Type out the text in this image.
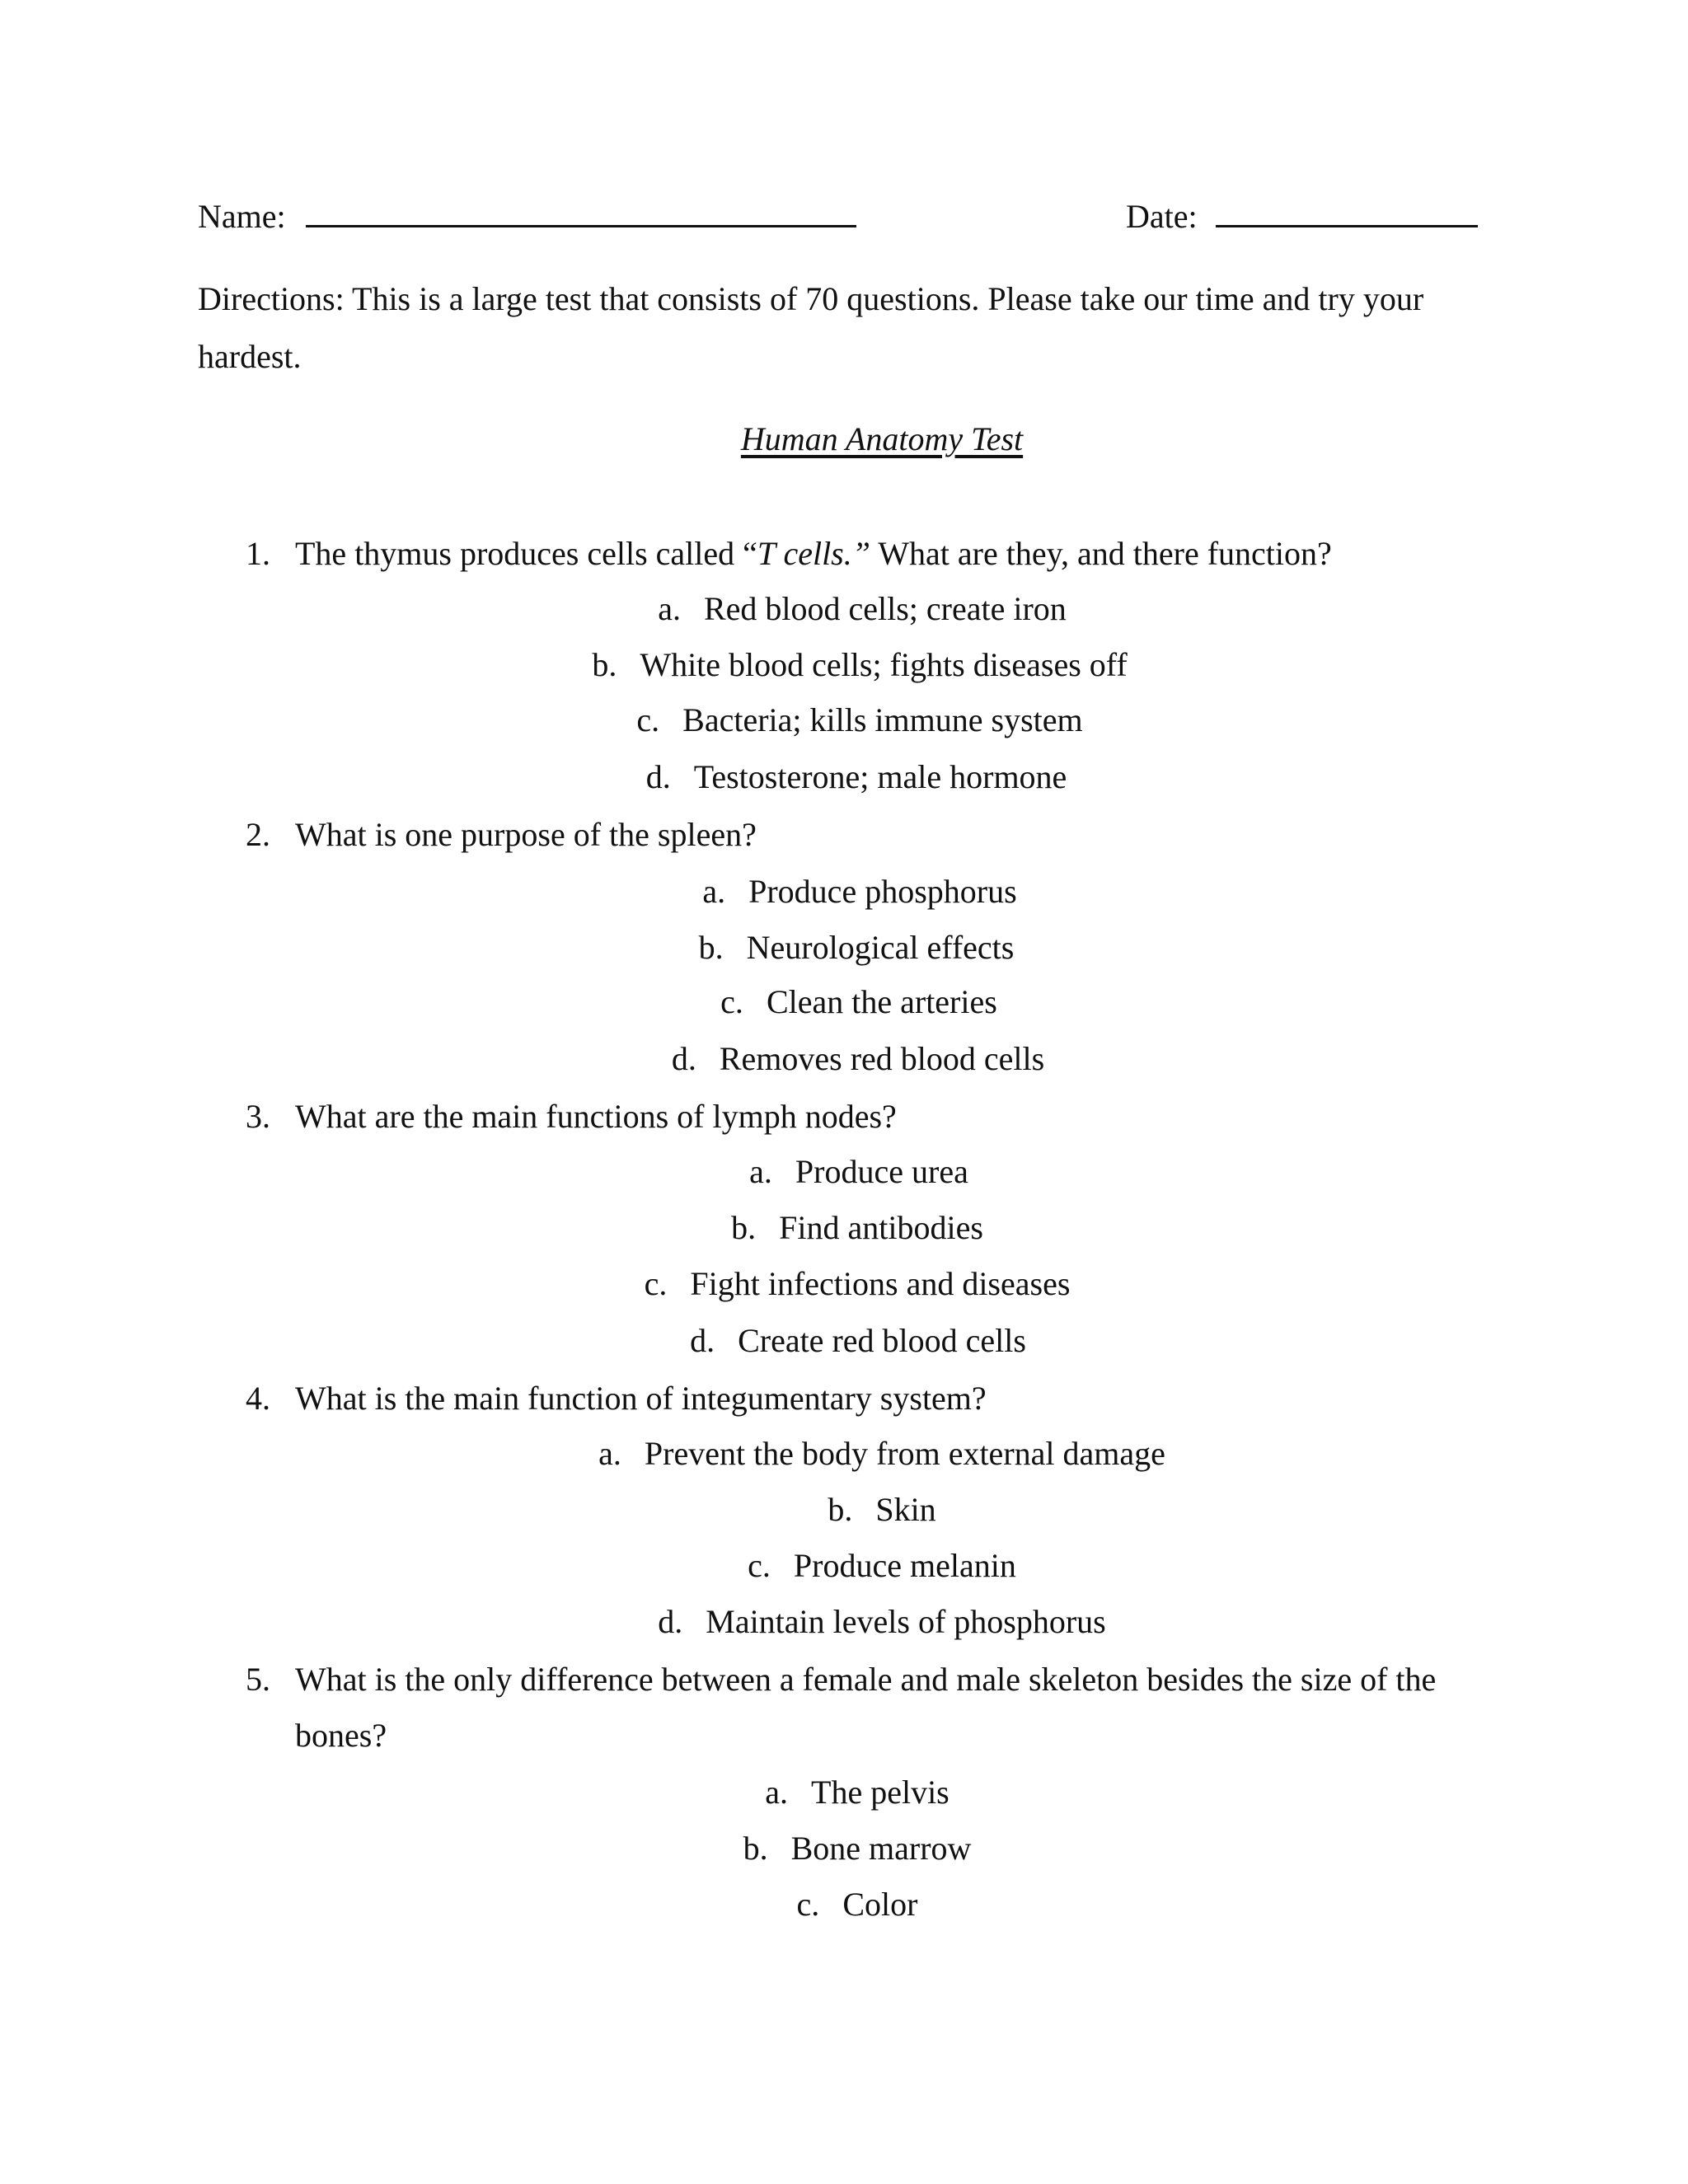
Name:	Date:
Directions: This is a large test that consists of 70 questions. Please take our time and try your
hardest.
Human Anatomy Test
1. The thymus produces cells called “T cells.” What are they, and there function?
a. Red blood cells; create iron
b. White blood cells; fights diseases off
c. Bacteria; kills immune system
d. Testosterone; male hormone
2. What is one purpose of the spleen?
a. Produce phosphorus
b. Neurological effects
c. Clean the arteries
d. Removes red blood cells
3. What are the main functions of lymph nodes?
a. Produce urea
b. Find antibodies
c. Fight infections and diseases
d. Create red blood cells
4. What is the main function of integumentary system?
a. Prevent the body from external damage
b. Skin
c. Produce melanin
d. Maintain levels of phosphorus
5. What is the only difference between a female and male skeleton besides the size of the
bones?
a. The pelvis
b. Bone marrow
c. Color
